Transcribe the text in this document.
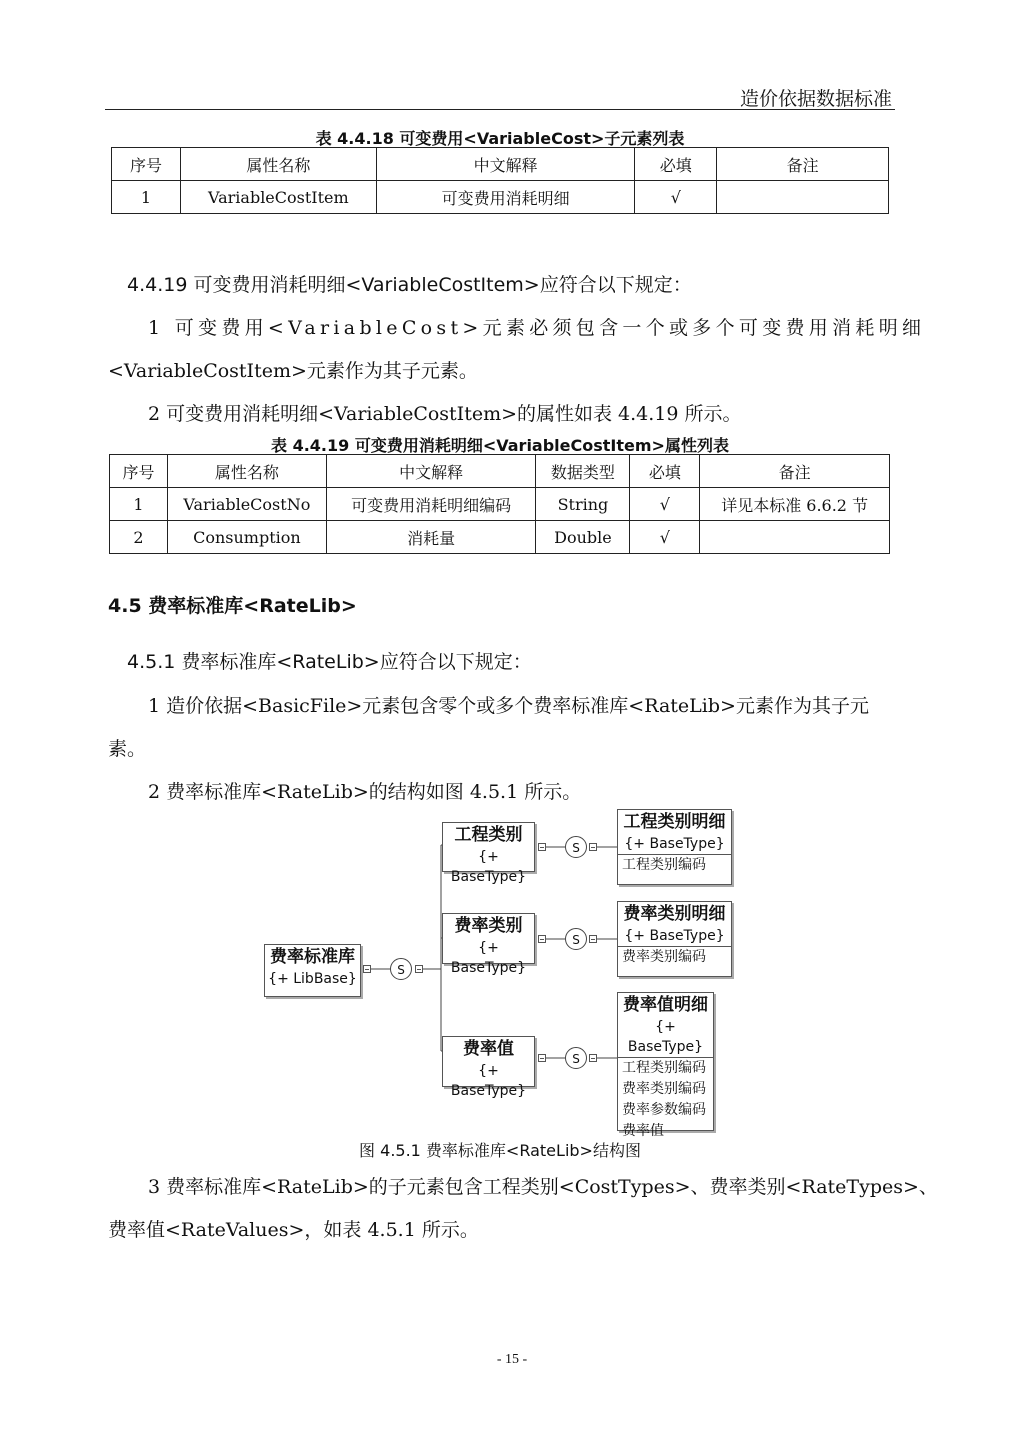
造价依据数据标准
表 4.4.18 可变费用<VariableCost>子元素列表
序号	属性名称	中文解释	必填	备注
1	VariableCostItem	可变费用消耗明细	√	
4.4.19 可变费用消耗明细<VariableCostItem>应符合以下规定：
1 可变费用<VariableCost>元素必须包含一个或多个可变费用消耗明细
<VariableCostItem>元素作为其子元素。
2 可变费用消耗明细<VariableCostItem>的属性如表 4.4.19 所示。
表 4.4.19 可变费用消耗明细<VariableCostItem>属性列表
序号	属性名称	中文解释	数据类型	必填	备注
1	VariableCostNo	可变费用消耗明细编码	String	√	详见本标准 6.6.2 节
2	Consumption	消耗量	Double	√	
4.5 费率标准库<RateLib>
4.5.1 费率标准库<RateLib>应符合以下规定：
1 造价依据<BasicFile>元素包含零个或多个费率标准库<RateLib>元素作为其子元
素。
2 费率标准库<RateLib>的结构如图 4.5.1 所示。
费率标准库
{+ LibBase}
S
工程类别
{+ BaseType}
S
工程类别明细
{+ BaseType}
工程类别编码
费率类别
{+ BaseType}
S
费率类别明细
{+ BaseType}
费率类别编码
费率值
{+ BaseType}
S
费率值明细
{+ BaseType}
工程类别编码
费率类别编码
费率参数编码
费率值
图 4.5.1 费率标准库<RateLib>结构图
3 费率标准库<RateLib>的子元素包含工程类别<CostTypes>、费率类别<RateTypes>、
费率值<RateValues>，如表 4.5.1 所示。
- 15 -
